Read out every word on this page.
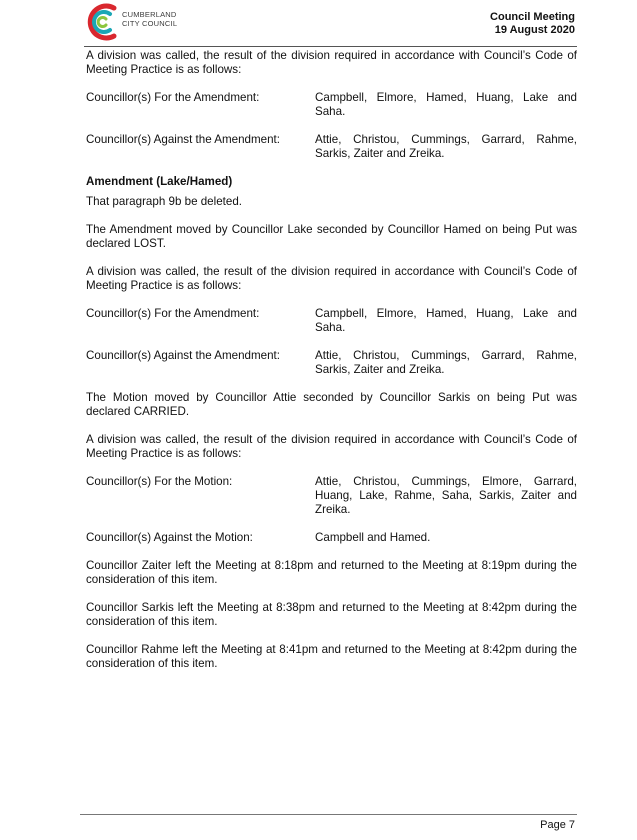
CUMBERLAND
CITY COUNCIL
Council Meeting
19 August 2020

A division was called, the result of the division required in accordance with Council’s Code of Meeting Practice is as follows:

Councillor(s) For the Amendment:	Campbell, Elmore, Hamed, Huang, Lake and Saha.
Councillor(s) Against the Amendment:	Attie, Christou, Cummings, Garrard, Rahme, Sarkis, Zaiter and Zreika.
Amendment (Lake/Hamed)

That paragraph 9b be deleted.

The Amendment moved by Councillor Lake seconded by Councillor Hamed on being Put was declared LOST.

A division was called, the result of the division required in accordance with Council’s Code of Meeting Practice is as follows:

Councillor(s) For the Amendment:	Campbell, Elmore, Hamed, Huang, Lake and Saha.
Councillor(s) Against the Amendment:	Attie, Christou, Cummings, Garrard, Rahme, Sarkis, Zaiter and Zreika.

The Motion moved by Councillor Attie seconded by Councillor Sarkis on being Put was declared CARRIED.

A division was called, the result of the division required in accordance with Council’s Code of Meeting Practice is as follows:

Councillor(s) For the Motion:	Attie, Christou, Cummings, Elmore, Garrard, Huang, Lake, Rahme, Saha, Sarkis, Zaiter and Zreika.
Councillor(s) Against the Motion:	Campbell and Hamed.

Councillor Zaiter left the Meeting at 8:18pm and returned to the Meeting at 8:19pm during the consideration of this item.

Councillor Sarkis left the Meeting at 8:38pm and returned to the Meeting at 8:42pm during the consideration of this item.

Councillor Rahme left the Meeting at 8:41pm and returned to the Meeting at 8:42pm during the consideration of this item.

Page 7
